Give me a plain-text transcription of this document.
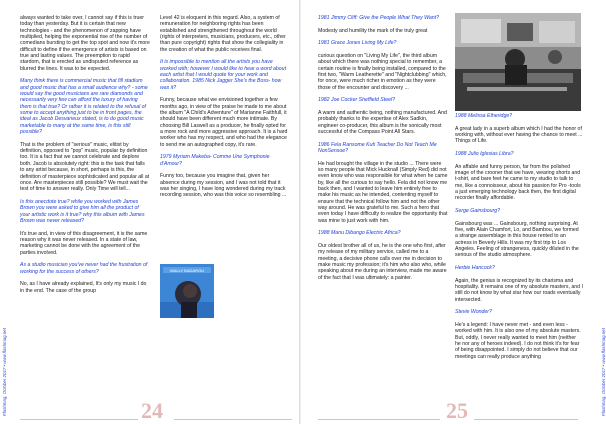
Flashmag, October 2017 • www.flashmag.net

always wanted to take over, I cannot say if this is truer today than yesterday. But it is certain that new technologies - and the phenomenon of zapping have multiplied, helping the exponential rise of the number of comedians bursting to get the top spot and now it's more difficult to define if the emergence of artists is based on true and lasting values. The preemption to rapid stardom, that is erected as undisputed reference as blurred the lines. It was to be expected.

Many think there is commercial music that fill stadium and good music that has a small audience why? - some would say the good musicians are rare diamonds and necessarily very few can afford the luxury of having them is that true? Or rather it is related to the refusal of some to accept anything just to be in front pages, the ideal as Jacob Desvarieux stated, is to do good music marketable to many at the same time, is this still possible?

That is the problem of "serious" music, elitist by definition, opposed to "pop" music, popular by definition too. It is a fact that we cannot celebrate and deplore both. Jacob is absolutely right: this is the task that falls to any artist because, in short, perhaps is this, the definition of masterpiece sophisticated and popular all at once. Are masterpieces still possible? We must wait the test of time to answer really. Only Time will tell...

Is this anecdote true? while you worked with James Brown you were asked to give him all the product of your artistic work is it true? why this album with James Brown was never released?

It's true and, in view of this disagreement, it is the same reason why it was never released. In a state of law, marketing cannot be done with the agreement of the parties involved.

As a studio musician you've never had the frustration of working for the success of others?

No, as I have already explained, It's only my music I do in the end. The case of the group

Level 42 is eloquent in this regard. Also, a system of remuneration for neighboring rights has been established and strengthened throughout the world (rights of interpreters, musicians, producers, etc., other than pure copyright) rights that show the collegiality in the creation of what the public receives final.

It is impossible to mention all the artists you have worked with; however I would like to hear a word about each artist that I would quote for your work and collaboration. 1985 Nick Jagger She's the Boss- how was it?

Funny, because what we envisioned together a few months ago, in view of the praise he made to me about the album "A Child's Adventure" of Marianne Faithfull, it should have been different much more intimate. By choosing Bill Laswell as a producer, he finally opted for a more rock and more aggressive approach. It is a hard worker who has my respect, and who had the elegance to send me an autographed copy, it's rare.

1979 Myriam Makeba- Comme Une Symphonie d'Amour?

Funny too, because you imagine that, given her absence during my session, and I was not told that it was her singing, I have long wondered during my track recording session, who was this voice so resembling ...

WALLY BADAROU
24

1981 Jimmy Cliff: Give the People What They Want?

Modesty and humility the mark of the truly great

1981 Grace Jones Living My Life?

curious question on "Living My Life", the third album about which there was nothing special to remember, a certain routine is finally being installed, compared to the first two, "Warm Leatherette" and "Nightclubbing" which, for once, were much richer in emotion as they were those of the encounter and discovery ...

1982 Joe Cocker Sheffield Steel?

A warm and authentic being, nothing manufactured. And probably thanks to the expertise of Alex Sadkin, engineer co-producer, this album is the sonically most successful of the Compass Point All Stars.

1986 Fela Ransome Kuti Teacher Do Not Teach Me NonSensoe?

He had brought the village in the studio ... There were so many people that Mick Hucknall (Simply Red) did not even know who was responsible for what when he came by, like all the curious to say hello. Fela did not know me back then, and I wanted to leave him entirely free to make his music as he intended, contenting myself to ensure that the technical follow him and not the other way around. He was grateful to me. Such a hero that even today I have difficulty to realize the opportunity that was mine to just work with him.

1988 Manu Dibango Electric Africa?

Our oldest brother all of us, he is the one who first, after my release of my military service, called me to a meeting, a decisive phone calls over me in decision to make music my profession; it's him who also who, while speaking about me during an interview, made me aware of the fact that I was ultimately: a painter.

1988 Melissa Etheridge?

A great lady in a superb album which I had the honor of working with, without ever having the chance to meet ... Things of Life.

1988 Julio Iglesias Libra?

An affable and funny person, far from the polished image of the crooner that we have, wearing shorts and t-shirt, and bare feet he came to my studio to talk to me, like a connoisseur, about his passion for Pro -tools a just emerging technology back then, the first digital recorder finally affordable.

Serge Gainsbourg?

Gainsbourg was ... Gainsbourg, nothing surprising. At five, with Alain Chamfort, Lo, and Bambou, we formed a strange assemblage in this house rented to an actress in Beverly Hills. It was my first trip to Los Angeles. Feeling of strangeness, quickly diluted in the serious of the studio atmosphere.

Herbie Hancock?

Again, the genius is recognized by its charisma and hospitality. It remains one of my absolute masters, and I still do not know by what star how our roads eventually intersected.

Stevie Wonder?

He's a legend: I have never met - and even less - worked with him. It is also one of my absolute masters. But, oddly, I never really wanted to meet him (neither he nor any of heroes indeed). I do not think it's for fear of being disappointed. I simply do not believe that our meetings can really produce anything

25	Flashmag, October 2017 • www.flashmag.net
